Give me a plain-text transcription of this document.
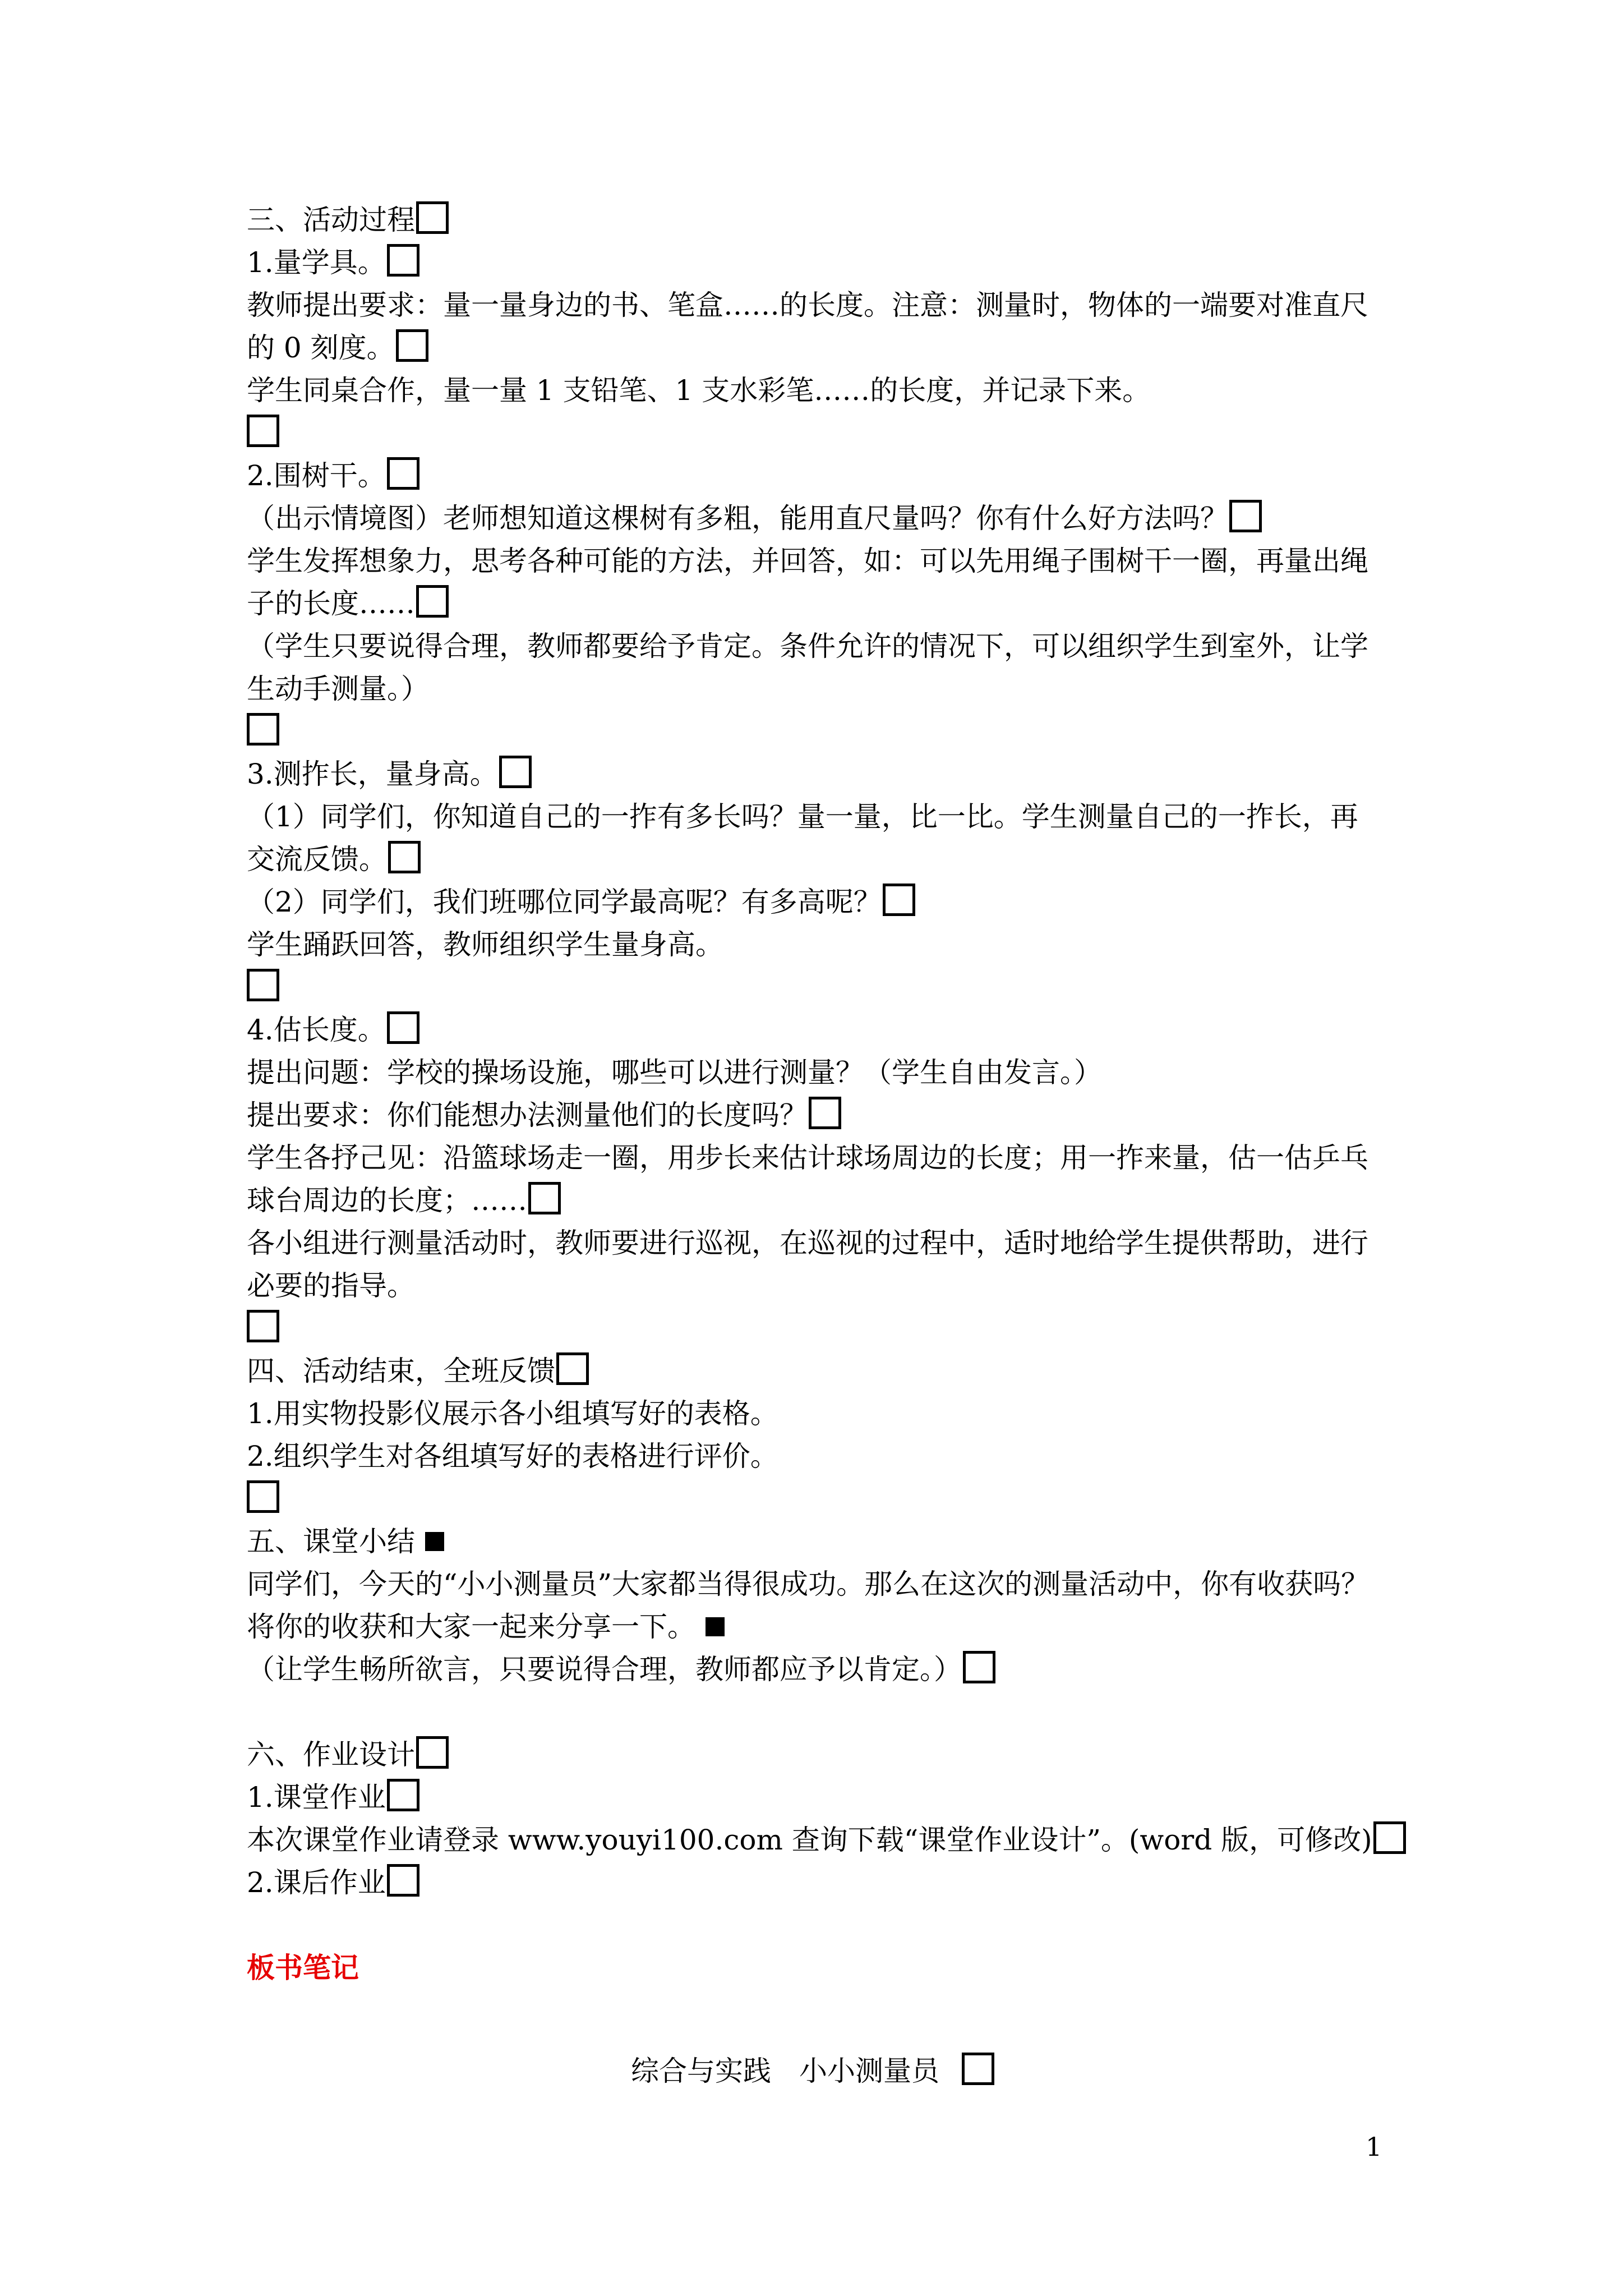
三、活动过程

1.量学具。

教师提出要求：量一量身边的书、笔盒……的长度。注意：测量时，物体的一端要对准直尺

的 0 刻度。

学生同桌合作，量一量 1 支铅笔、1 支水彩笔……的长度，并记录下来。

2.围树干。

（出示情境图）老师想知道这棵树有多粗，能用直尺量吗？你有什么好方法吗？

学生发挥想象力，思考各种可能的方法，并回答，如：可以先用绳子围树干一圈，再量出绳

子的长度……

（学生只要说得合理，教师都要给予肯定。条件允许的情况下，可以组织学生到室外，让学

生动手测量。）

3.测拃长，量身高。

（1）同学们，你知道自己的一拃有多长吗？量一量，比一比。学生测量自己的一拃长，再

交流反馈。

（2）同学们，我们班哪位同学最高呢？有多高呢？

学生踊跃回答，教师组织学生量身高。

4.估长度。

提出问题：学校的操场设施，哪些可以进行测量？（学生自由发言。）

提出要求：你们能想办法测量他们的长度吗？

学生各抒己见：沿篮球场走一圈，用步长来估计球场周边的长度；用一拃来量，估一估乒乓

球台周边的长度；……

各小组进行测量活动时，教师要进行巡视，在巡视的过程中，适时地给学生提供帮助，进行

必要的指导。

四、活动结束，全班反馈

1.用实物投影仪展示各小组填写好的表格。

2.组织学生对各组填写好的表格进行评价。

五、课堂小结

同学们，今天的“小小测量员”大家都当得很成功。那么在这次的测量活动中，你有收获吗？

将你的收获和大家一起来分享一下。

（让学生畅所欲言，只要说得合理，教师都应予以肯定。）

六、作业设计

1.课堂作业

本次课堂作业请登录 www.youyi100.com 查询下载“课堂作业设计”。(word 版，可修改)

2.课后作业

板书笔记

综合与实践　小小测量员
1
